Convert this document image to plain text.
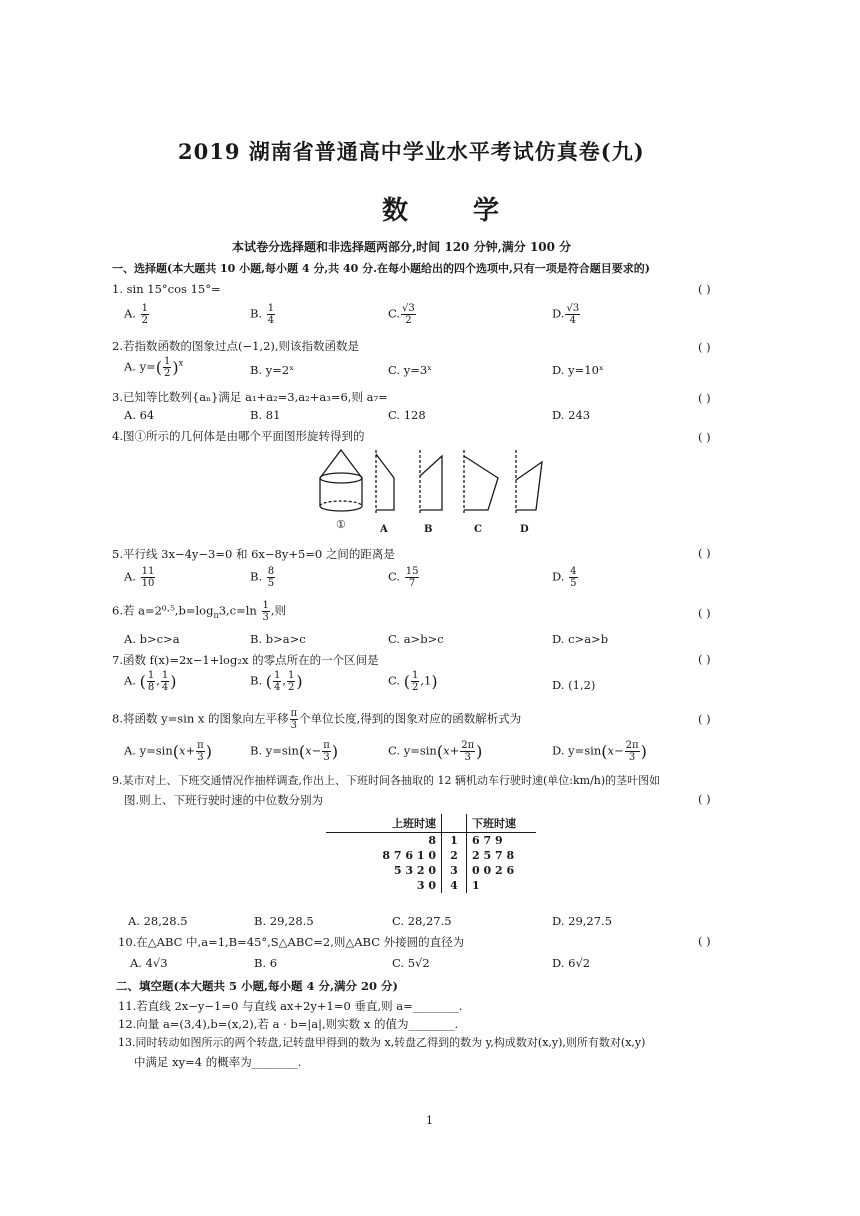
2019 湖南省普通高中学业水平考试仿真卷(九)
数 学
本试卷分选择题和非选择题两部分,时间 120 分钟,满分 100 分
一、选择题(本大题共 10 小题,每小题 4 分,共 40 分.在每小题给出的四个选项中,只有一项是符合题目要求的)
1. sin 15°cos 15°=	( )
A. $\frac{1}{2}$	B. $\frac{1}{4}$	C. $\frac{√3}{2}$	D. $\frac{√3}{4}$
2.若指数函数的图象过点(−1,2),则该指数函数是	( )
A. $y=( \frac{1}{2} )^x$	B. y=2ˣ	C. y=3ˣ	D. y=10ˣ
3.已知等比数列{aₙ}满足 a₁+a₂=3,a₂+a₃=6,则 a₇=	( )
A. 64	B. 81	C. 128	D. 243
4.图①所示的几何体是由哪个平面图形旋转得到的	( )
①	A	B	C	D
5.平行线 3x−4y−3=0 和 6x−8y+5=0 之间的距离是	( )
A. $\frac{11}{10}$	B. $\frac{8}{5}$	C. $\frac{15}{7}$	D. $\frac{4}{5}$
6.若 $a=2^0\cdot^5,b=\log_\pi 3,c=\ln \frac{1}{3}$ ,则	( )
A. b>c>a	B. b>a>c	C. a>b>c	D. c>a>b
7.函数 f(x)=2x−1+log₂x 的零点所在的一个区间是	( )
A. ( $\frac{1}{8}$ , $\frac{1}{4}$ )	B. ( $\frac{1}{4}$ , $\frac{1}{2}$ )	C. ( $\frac{1}{2} ,1$)	D. (1,2)
8.将函数 y=sin x 的图象向左平移 $\frac{\pi}{3}$ 个单位长度,得到的图象对应的函数解析式为	( )
A. $y=\sin(x+ \frac{\pi}{3}$ )	B. $y=\sin(x- \frac{\pi}{3}$ )	C. $y=\sin(x+ \frac{2\pi}{3}$ )	D. $y=\sin(x- \frac{2\pi}{3}$ )
9.某市对上、下班交通情况作抽样调查,作出上、下班时间各抽取的 12 辆机动车行驶时速(单位:km/h)的茎叶图如
图.则上、下班行驶时速的中位数分别为	( )
上班时速		下班时速
8	1	6 7 9
8 7 6 1 0	2	2 5 7 8
5 3 2 0	3	0 0 2 6
3 0	4	1
A. 28,28.5	B. 29,28.5	C. 28,27.5	D. 29,27.5
10.在△ABC 中,a=1,B=45°,S△ABC=2,则△ABC 外接圆的直径为	( )
A. 4√3	B. 6	C. 5√2	D. 6√2
二、填空题(本大题共 5 小题,每小题 4 分,满分 20 分)
11.若直线 2x−y−1=0 与直线 ax+2y+1=0 垂直,则 a=________.
12.向量 a=(3,4),b=(x,2),若 a · b=|a|,则实数 x 的值为________.
13.同时转动如图所示的两个转盘,记转盘甲得到的数为 x,转盘乙得到的数为 y,构成数对(x,y),则所有数对(x,y)
中满足 xy=4 的概率为________.
1
